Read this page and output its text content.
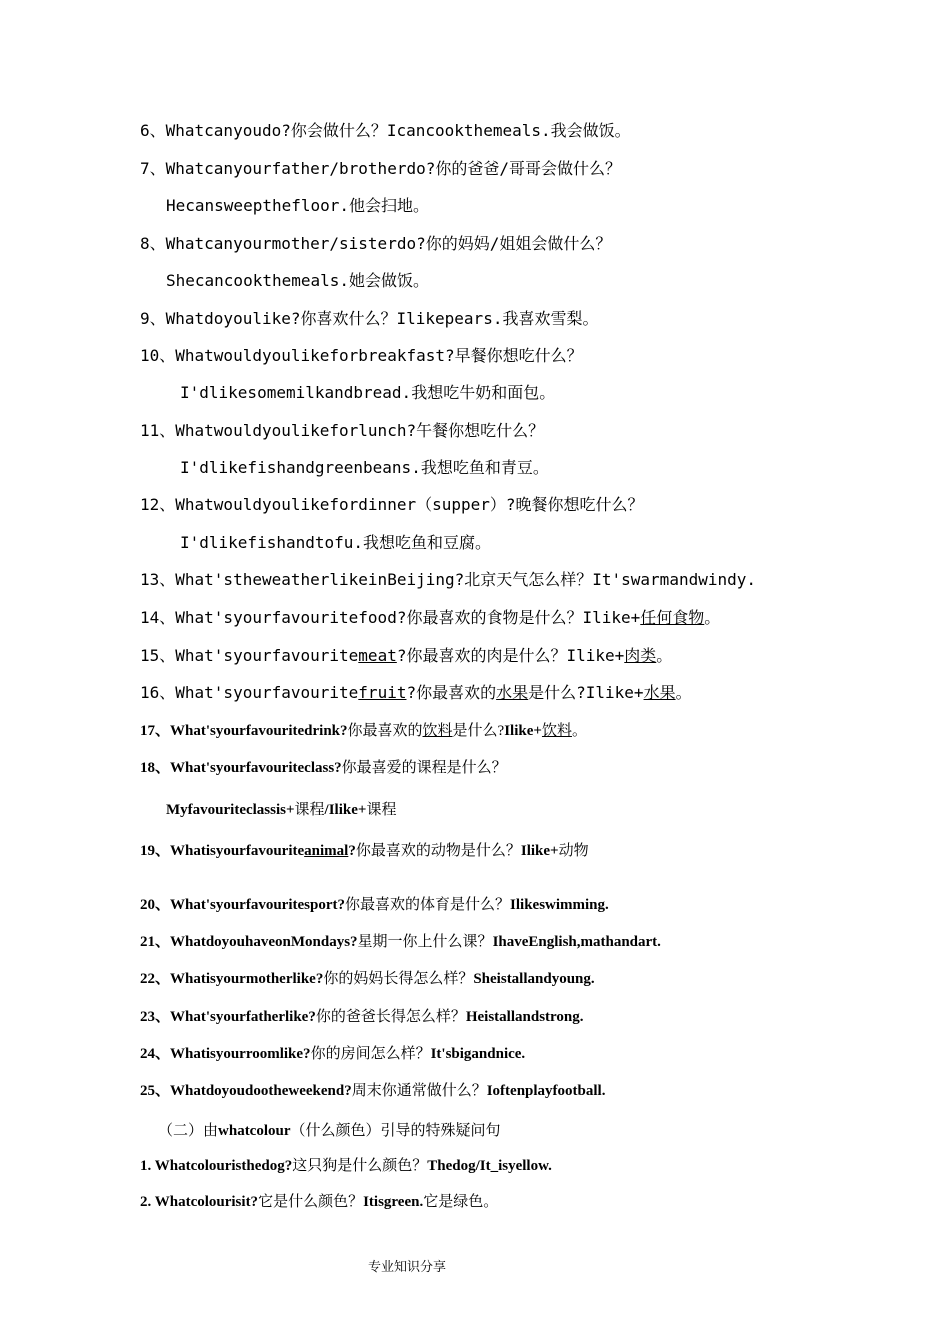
6、Whatcanyoudo?你会做什么？Icancookthemeals.我会做饭。
7、Whatcanyourfather/brotherdo?你的爸爸/哥哥会做什么？
Hecansweepthefloor.他会扫地。
8、Whatcanyourmother/sisterdo?你的妈妈/姐姐会做什么？
Shecancookthemeals.她会做饭。
9、Whatdoyoulike?你喜欢什么？Ilikepears.我喜欢雪梨。
10、Whatwouldyoulikeforbreakfast?早餐你想吃什么？
I'dlikesomemilkandbread.我想吃牛奶和面包。
11、Whatwouldyoulikeforlunch?午餐你想吃什么？
I'dlikefishandgreenbeans.我想吃鱼和青豆。
12、Whatwouldyoulikefordinner（supper）?晚餐你想吃什么？
I'dlikefishandtofu.我想吃鱼和豆腐。
13、What'stheweatherlikeinBeijing?北京天气怎么样？It'swarmandwindy.
14、What'syourfavouritefood?你最喜欢的食物是什么？Ilike+任何食物。
15、What'syourfavouritemeat?你最喜欢的肉是什么？Ilike+肉类。
16、What'syourfavouritefruit?你最喜欢的水果是什么?Ilike+水果。
17、What'syourfavouritedrink?你最喜欢的饮料是什么?Ilike+饮料。
18、What'syourfavouriteclass?你最喜爱的课程是什么？
Myfavouriteclassis+课程/Ilike+课程
19、Whatisyourfavouriteanimal?你最喜欢的动物是什么？Ilike+动物
20、What'syourfavouritesport?你最喜欢的体育是什么？Ilikeswimming.
21、WhatdoyouhaveonMondays?星期一你上什么课？IhaveEnglish,mathandart.
22、Whatisyourmotherlike?你的妈妈长得怎么样？Sheistallandyoung.
23、What'syourfatherlike?你的爸爸长得怎么样？Heistallandstrong.
24、Whatisyourroomlike?你的房间怎么样？It'sbigandnice.
25、Whatdoyoudootheweekend?周末你通常做什么？Ioftenplayfootball.
（二）由whatcolour（什么颜色）引导的特殊疑问句
1. Whatcolouristhedog?这只狗是什么颜色？Thedog/It_isyellow.
2. Whatcolourisit?它是什么颜色？Itisgreen.它是绿色。
专业知识分享
